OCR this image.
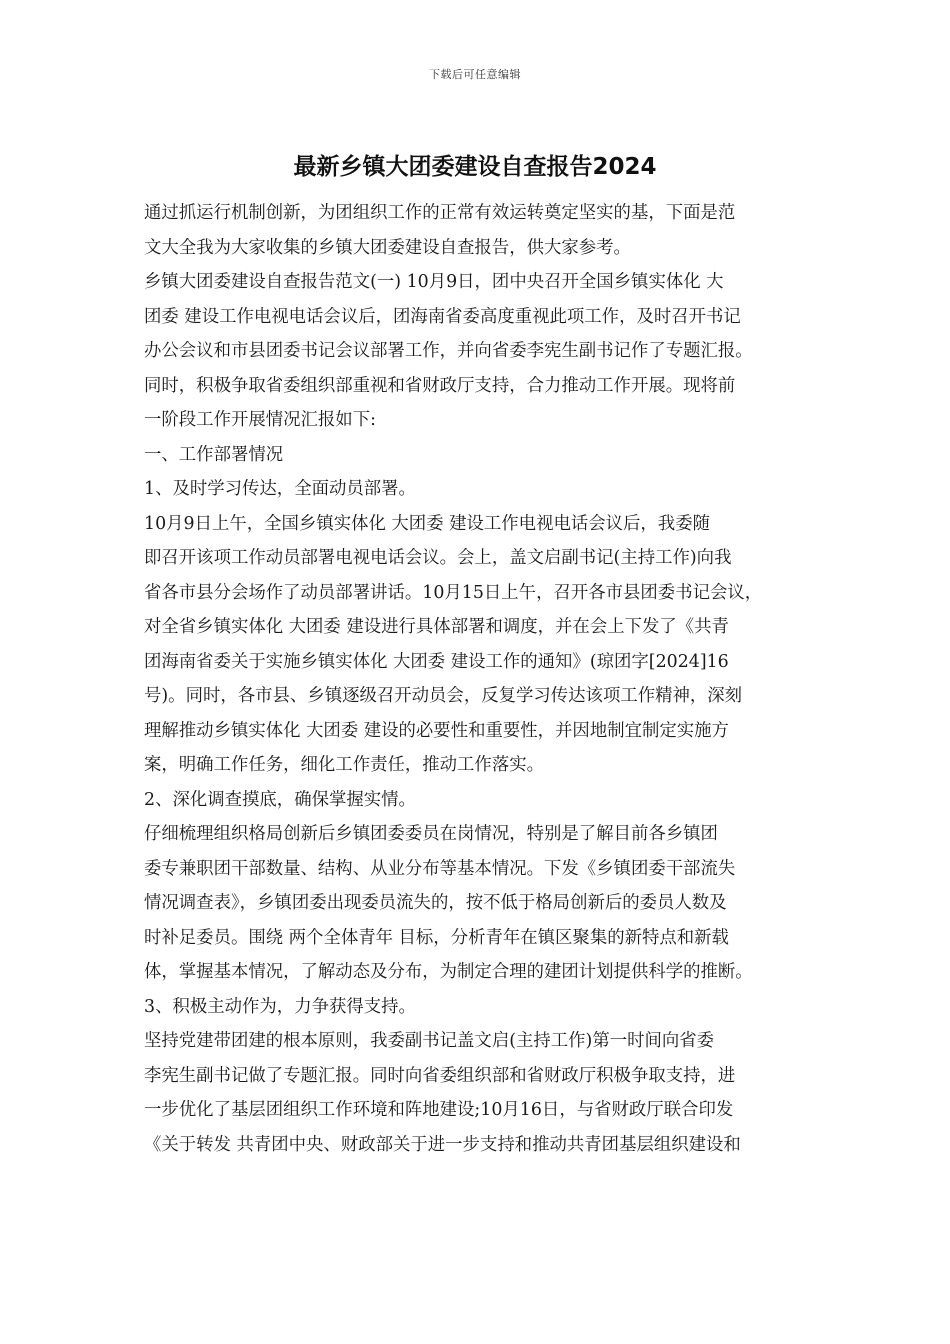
下载后可任意编辑
最新乡镇大团委建设自查报告2024
通过抓运行机制创新，为团组织工作的正常有效运转奠定坚实的基，下面是范
文大全我为大家收集的乡镇大团委建设自查报告，供大家参考。
乡镇大团委建设自查报告范文(一) 10月9日，团中央召开全国乡镇实体化 大
团委 建设工作电视电话会议后，团海南省委高度重视此项工作，及时召开书记
办公会议和市县团委书记会议部署工作，并向省委李宪生副书记作了专题汇报。
同时，积极争取省委组织部重视和省财政厅支持，合力推动工作开展。现将前
一阶段工作开展情况汇报如下:
一、工作部署情况
1、及时学习传达，全面动员部署。
10月9日上午，全国乡镇实体化 大团委 建设工作电视电话会议后，我委随
即召开该项工作动员部署电视电话会议。会上，盖文启副书记(主持工作)向我
省各市县分会场作了动员部署讲话。10月15日上午，召开各市县团委书记会议，
对全省乡镇实体化 大团委 建设进行具体部署和调度，并在会上下发了《共青
团海南省委关于实施乡镇实体化 大团委 建设工作的通知》(琼团字[2024]16
号)。同时，各市县、乡镇逐级召开动员会，反复学习传达该项工作精神，深刻
理解推动乡镇实体化 大团委 建设的必要性和重要性，并因地制宜制定实施方
案，明确工作任务，细化工作责任，推动工作落实。
2、深化调查摸底，确保掌握实情。
仔细梳理组织格局创新后乡镇团委委员在岗情况，特别是了解目前各乡镇团
委专兼职团干部数量、结构、从业分布等基本情况。下发《乡镇团委干部流失
情况调查表》，乡镇团委出现委员流失的，按不低于格局创新后的委员人数及
时补足委员。围绕 两个全体青年 目标，分析青年在镇区聚集的新特点和新载
体，掌握基本情况，了解动态及分布，为制定合理的建团计划提供科学的推断。
3、积极主动作为，力争获得支持。
坚持党建带团建的根本原则，我委副书记盖文启(主持工作)第一时间向省委
李宪生副书记做了专题汇报。同时向省委组织部和省财政厅积极争取支持，进
一步优化了基层团组织工作环境和阵地建设;10月16日，与省财政厅联合印发
《关于转发 共青团中央、财政部关于进一步支持和推动共青团基层组织建设和
